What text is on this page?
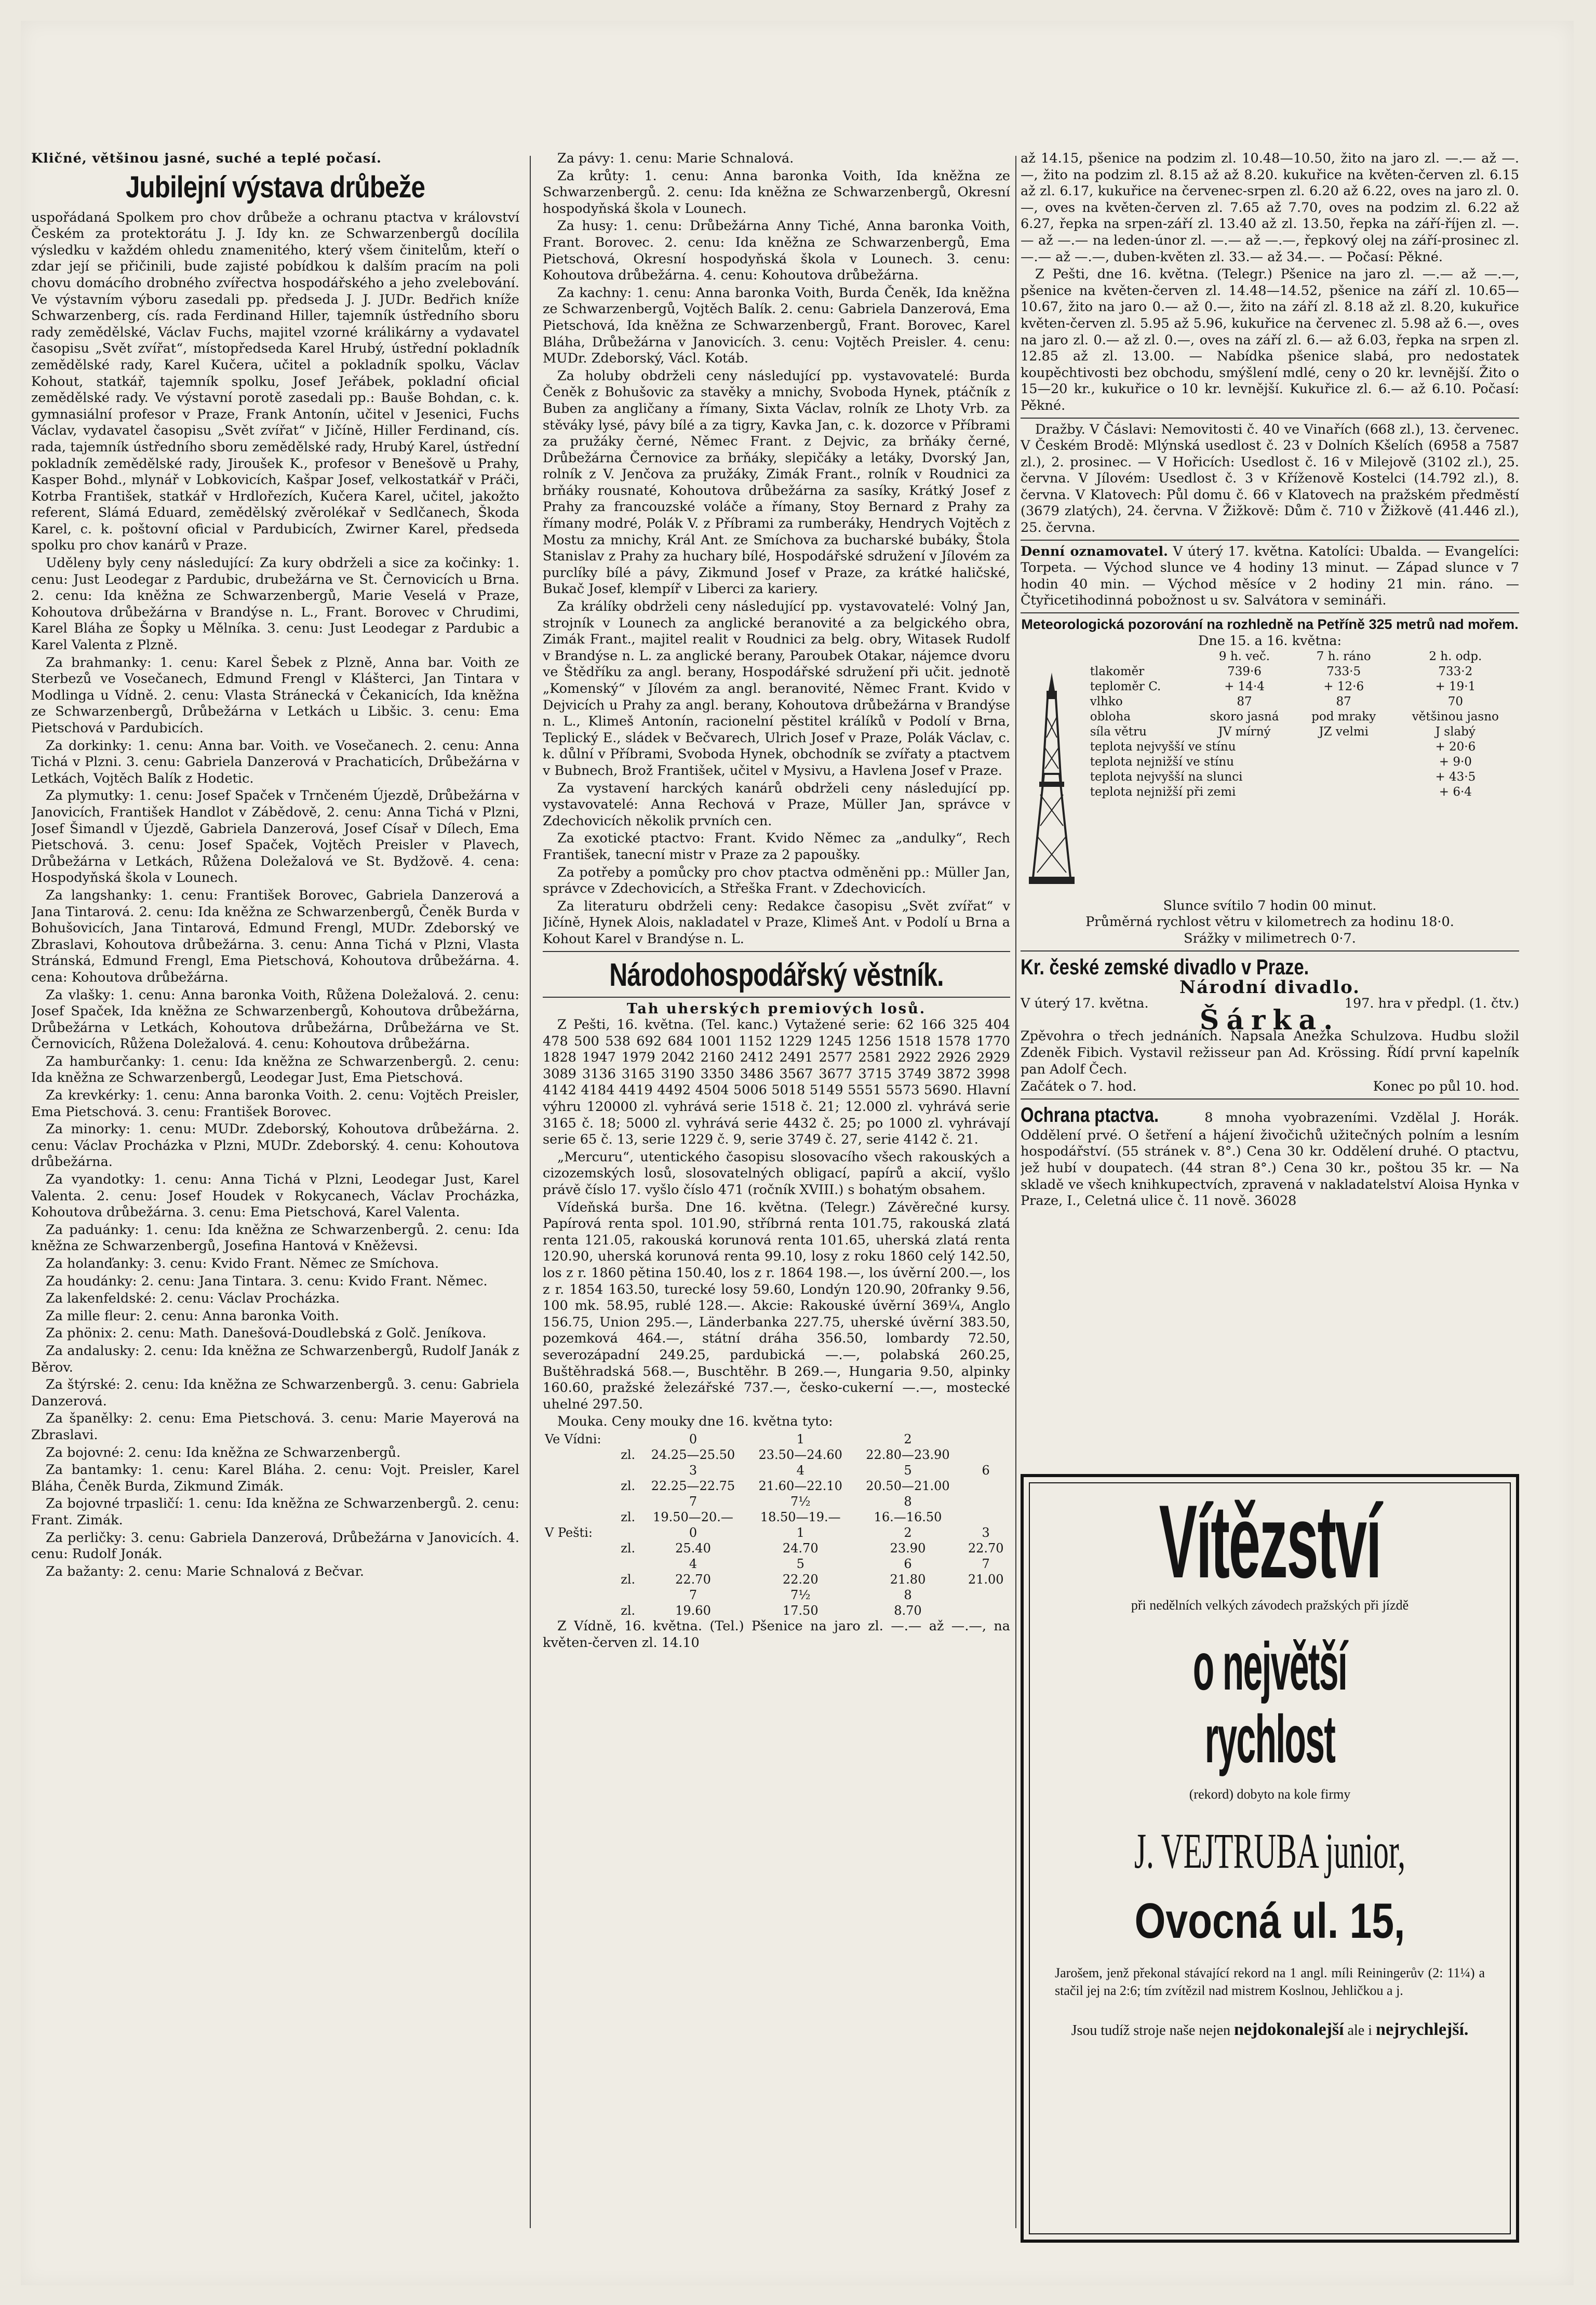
Kličné, většinou jasné, suché a teplé počasí.

Jubilejní výstava drůbeže

uspořádaná Spolkem pro chov drůbeže a ochranu ptactva v království Českém za protektorátu J. J. Idy kn. ze Schwarzenbergů docílila výsledku v každém ohledu znamenitého, který všem činitelům, kteří o zdar její se přičinili, bude zajisté pobídkou k dalším pracím na poli chovu domácího drobného zvířectva hospodářského a jeho zvelebování. Ve výstavním výboru zasedali pp. předseda J. J. JUDr. Bedřich kníže Schwarzenberg, cís. rada Ferdinand Hiller, tajemník ústředního sboru rady zemědělské, Václav Fuchs, majitel vzorné králikárny a vydavatel časopisu „Svět zvířat“, místopředseda Karel Hrubý, ústřední pokladník zemědělské rady, Karel Kučera, učitel a pokladník spolku, Václav Kohout, statkář, tajemník spolku, Josef Jeřábek, pokladní oficial zemědělské rady. Ve výstavní porotě zasedali pp.: Bauše Bohdan, c. k. gymnasiální profesor v Praze, Frank Antonín, učitel v Jesenici, Fuchs Václav, vydavatel časopisu „Svět zvířat“ v Jičíně, Hiller Ferdinand, cís. rada, tajemník ústředního sboru zemědělské rady, Hrubý Karel, ústřední pokladník zemědělské rady, Jiroušek K., profesor v Benešově u Prahy, Kasper Bohd., mlynář v Lobkovicích, Kašpar Josef, velkostatkář v Práči, Kotrba František, statkář v Hrdlořezích, Kučera Karel, učitel, jakožto referent, Slámá Eduard, zemědělský zvěrolékař v Sedlčanech, Škoda Karel, c. k. poštovní oficial v Pardubicích, Zwirner Karel, předseda spolku pro chov kanárů v Praze.

Uděleny byly ceny následující: Za kury obdrželi a sice za kočinky: 1. cenu: Just Leodegar z Pardubic, drubežárna ve St. Černovicích u Brna. 2. cenu: Ida kněžna ze Schwarzenbergů, Marie Veselá v Praze, Kohoutova drůbežárna v Brandýse n. L., Frant. Borovec v Chrudimi, Karel Bláha ze Šopky u Mělníka. 3. cenu: Just Leodegar z Pardubic a Karel Valenta z Plzně.

Za brahmanky: 1. cenu: Karel Šebek z Plzně, Anna bar. Voith ze Sterbezů ve Vosečanech, Edmund Frengl v Klášterci, Jan Tintara v Modlinga u Vídně. 2. cenu: Vlasta Stránecká v Čekanicích, Ida kněžna ze Schwarzenbergů, Drůbežárna v Letkách u Libšic. 3. cenu: Ema Pietschová v Pardubicích.

Za dorkinky: 1. cenu: Anna bar. Voith. ve Vosečanech. 2. cenu: Anna Tichá v Plzni. 3. cenu: Gabriela Danzerová v Prachaticích, Drůbežárna v Letkách, Vojtěch Balík z Hodetic.

Za plymutky: 1. cenu: Josef Spaček v Trnčeném Újezdě, Drůbežárna v Janovicích, František Handlot v Zábědově, 2. cenu: Anna Tichá v Plzni, Josef Šimandl v Újezdě, Gabriela Danzerová, Josef Císař v Dílech, Ema Pietschová. 3. cenu: Josef Spaček, Vojtěch Preisler v Plavech, Drůbežárna v Letkách, Růžena Doležalová ve St. Bydžově. 4. cena: Hospodyňská škola v Lounech.

Za langshanky: 1. cenu: František Borovec, Gabriela Danzerová a Jana Tintarová. 2. cenu: Ida kněžna ze Schwarzenbergů, Čeněk Burda v Bohušovicích, Jana Tintarová, Edmund Frengl, MUDr. Zdeborský ve Zbraslavi, Kohoutova drůbežárna. 3. cenu: Anna Tichá v Plzni, Vlasta Stránská, Edmund Frengl, Ema Pietschová, Kohoutova drůbežárna. 4. cena: Kohoutova drůbežárna.

Za vlašky: 1. cenu: Anna baronka Voith, Růžena Doležalová. 2. cenu: Josef Spaček, Ida kněžna ze Schwarzenbergů, Kohoutova drůbežárna, Drůbežárna v Letkách, Kohoutova drůbežárna, Drůbežárna ve St. Černovicích, Růžena Doležalová. 4. cenu: Kohoutova drůbežárna.

Za hamburčanky: 1. cenu: Ida kněžna ze Schwarzenbergů. 2. cenu: Ida kněžna ze Schwarzenbergů, Leodegar Just, Ema Pietschová.

Za krevkérky: 1. cenu: Anna baronka Voith. 2. cenu: Vojtěch Preisler, Ema Pietschová. 3. cenu: František Borovec.

Za minorky: 1. cenu: MUDr. Zdeborský, Kohoutova drůbežárna. 2. cenu: Václav Procházka v Plzni, MUDr. Zdeborský. 4. cenu: Kohoutova drůbežárna.

Za vyandotky: 1. cenu: Anna Tichá v Plzni, Leodegar Just, Karel Valenta. 2. cenu: Josef Houdek v Rokycanech, Václav Procházka, Kohoutova drůbežárna. 3. cenu: Ema Pietschová, Karel Valenta.

Za paduánky: 1. cenu: Ida kněžna ze Schwarzenbergů. 2. cenu: Ida kněžna ze Schwarzenbergů, Josefina Hantová v Kněževsi.

Za holanďanky: 3. cenu: Kvido Frant. Němec ze Smíchova.

Za houdánky: 2. cenu: Jana Tintara. 3. cenu: Kvido Frant. Němec.

Za lakenfeldské: 2. cenu: Václav Procházka.

Za mille fleur: 2. cenu: Anna baronka Voith.

Za phönix: 2. cenu: Math. Danešová-Doudlebská z Golč. Jeníkova.

Za andalusky: 2. cenu: Ida kněžna ze Schwarzenbergů, Rudolf Janák z Běrov.

Za štýrské: 2. cenu: Ida kněžna ze Schwarzenbergů. 3. cenu: Gabriela Danzerová.

Za španělky: 2. cenu: Ema Pietschová. 3. cenu: Marie Mayerová na Zbraslavi.

Za bojovné: 2. cenu: Ida kněžna ze Schwarzenbergů.

Za bantamky: 1. cenu: Karel Bláha. 2. cenu: Vojt. Preisler, Karel Bláha, Čeněk Burda, Zikmund Zimák.

Za bojovné trpasličí: 1. cenu: Ida kněžna ze Schwarzenbergů. 2. cenu: Frant. Zimák.

Za perličky: 3. cenu: Gabriela Danzerová, Drůbežárna v Janovicích. 4. cenu: Rudolf Jonák.

Za bažanty: 2. cenu: Marie Schnalová z Bečvar.

Za pávy: 1. cenu: Marie Schnalová.

Za krůty: 1. cenu: Anna baronka Voith, Ida kněžna ze Schwarzenbergů. 2. cenu: Ida kněžna ze Schwarzenbergů, Okresní hospodyňská škola v Lounech.

Za husy: 1. cenu: Drůbežárna Anny Tiché, Anna baronka Voith, Frant. Borovec. 2. cenu: Ida kněžna ze Schwarzenbergů, Ema Pietschová, Okresní hospodyňská škola v Lounech. 3. cenu: Kohoutova drůbežárna. 4. cenu: Kohoutova drůbežárna.

Za kachny: 1. cenu: Anna baronka Voith, Burda Čeněk, Ida kněžna ze Schwarzenbergů, Vojtěch Balík. 2. cenu: Gabriela Danzerová, Ema Pietschová, Ida kněžna ze Schwarzenbergů, Frant. Borovec, Karel Bláha, Drůbežárna v Janovicích. 3. cenu: Vojtěch Preisler. 4. cenu: MUDr. Zdeborský, Václ. Kotáb.

Za holuby obdrželi ceny následující pp. vystavovatelé: Burda Čeněk z Bohušovic za stavěky a mnichy, Svoboda Hynek, ptáčník z Buben za angličany a římany, Sixta Václav, rolník ze Lhoty Vrb. za stěváky lysé, pávy bílé a za tigry, Kavka Jan, c. k. dozorce v Příbrami za pružáky černé, Němec Frant. z Dejvic, za brňáky černé, Drůbežárna Černovice za brňáky, slepičáky a letáky, Dvorský Jan, rolník z V. Jenčova za pružáky, Zimák Frant., rolník v Roudnici za brňáky rousnaté, Kohoutova drůbežárna za sasíky, Krátký Josef z Prahy za francouzské voláče a římany, Stoy Bernard z Prahy za římany modré, Polák V. z Příbrami za rumberáky, Hendrych Vojtěch z Mostu za mnichy, Král Ant. ze Smíchova za bucharské bubáky, Štola Stanislav z Prahy za huchary bílé, Hospodářské sdružení v Jílovém za purclíky bílé a pávy, Zikmund Josef v Praze, za krátké haličské, Bukač Josef, klempíř v Liberci za kariery.

Za králíky obdrželi ceny následující pp. vystavovatelé: Volný Jan, strojník v Lounech za anglické beranovité a za belgického obra, Zimák Frant., majitel realit v Roudnici za belg. obry, Witasek Rudolf v Brandýse n. L. za anglické berany, Paroubek Otakar, nájemce dvoru ve Štědříku za angl. berany, Hospodářské sdružení při učit. jednotě „Komenský“ v Jílovém za angl. beranovité, Němec Frant. Kvido v Dejvicích u Prahy za angl. berany, Kohoutova drůbežárna v Brandýse n. L., Klimeš Antonín, racionelní pěstitel králíků v Podolí v Brna, Teplický E., sládek v Bečvarech, Ulrich Josef v Praze, Polák Václav, c. k. důlní v Příbrami, Svoboda Hynek, obchodník se zvířaty a ptactvem v Bubnech, Brož František, učitel v Mysivu, a Havlena Josef v Praze.

Za vystavení harckých kanárů obdrželi ceny následující pp. vystavovatelé: Anna Rechová v Praze, Müller Jan, správce v Zdechovicích několik prvních cen.

Za exotické ptactvo: Frant. Kvido Němec za „andulky“, Rech František, tanecní mistr v Praze za 2 papoušky.

Za potřeby a pomůcky pro chov ptactva odměněni pp.: Müller Jan, správce v Zdechovicích, a Střeška Frant. v Zdechovicích.

Za literaturu obdrželi ceny: Redakce časopisu „Svět zvířat“ v Jičíně, Hynek Alois, nakladatel v Praze, Klimeš Ant. v Podolí u Brna a Kohout Karel v Brandýse n. L.

Národohospodářský věstník.
Tah uherských premiových losů.

Z Pešti, 16. května. (Tel. kanc.) Vytažené serie: 62 166 325 404 478 500 538 692 684 1001 1152 1229 1245 1256 1518 1578 1770 1828 1947 1979 2042 2160 2412 2491 2577 2581 2922 2926 2929 3089 3136 3165 3190 3350 3486 3567 3677 3715 3749 3872 3998 4142 4184 4419 4492 4504 5006 5018 5149 5551 5573 5690. Hlavní výhru 120000 zl. vyhrává serie 1518 č. 21; 12.000 zl. vyhrává serie 3165 č. 18; 5000 zl. vyhrává serie 4432 č. 25; po 1000 zl. vyhrávají serie 65 č. 13, serie 1229 č. 9, serie 3749 č. 27, serie 4142 č. 21.

„Mercuru“, utentického časopisu slosovacího všech rakouských a cizozemských losů, slosovatelných obligací, papírů a akcií, vyšlo právě číslo 17. vyšlo číslo 471 (ročník XVIII.) s bohatým obsahem.

Vídeňská burša. Dne 16. května. (Telegr.) Závěrečné kursy. Papírová renta spol. 101.90, stříbrná renta 101.75, rakouská zlatá renta 121.05, rakouská korunová renta 101.65, uherská zlatá renta 120.90, uherská korunová renta 99.10, losy z roku 1860 celý 142.50, los z r. 1860 pětina 150.40, los z r. 1864 198.—, los úvěrní 200.—, los z r. 1854 163.50, turecké losy 59.60, Londýn 120.90, 20franky 9.56, 100 mk. 58.95, rublé 128.—. Akcie: Rakouské úvěrní 369¼, Anglo 156.75, Union 295.—, Länderbanka 227.75, uherské úvěrní 383.50, pozemková 464.—, státní dráha 356.50, lombardy 72.50, severozápadní 249.25, pardubická —.—, polabská 260.25, Buštěhradská 568.—, Buschtěhr. B 269.—, Hungaria 9.50, alpinky 160.60, pražské železářské 737.—, česko-cukerní —.—, mostecké uhelné 297.50.

Mouka. Ceny mouky dne 16. května tyto:

Ve Vídni:		0	1	2	
	zl.	24.25—25.50	23.50—24.60	22.80—23.90	
		3	4	5	6
	zl.	22.25—22.75	21.60—22.10	20.50—21.00	
		7	7½	8	
	zl.	19.50—20.—	18.50—19.—	16.—16.50	
V Pešti:		0	1	2	3
	zl.	25.40	24.70	23.90	22.70
		4	5	6	7
	zl.	22.70	22.20	21.80	21.00
		7	7½	8	
	zl.	19.60	17.50	8.70	

Z Vídně, 16. května. (Tel.) Pšenice na jaro zl. —.— až —.—, na květen-červen zl. 14.10

až 14.15, pšenice na podzim zl. 10.48—10.50, žito na jaro zl. —.— až —.—, žito na podzim zl. 8.15 až až 8.20. kukuřice na květen-červen zl. 6.15 až zl. 6.17, kukuřice na červenec-srpen zl. 6.20 až 6.22, oves na jaro zl. 0.—, oves na květen-červen zl. 7.65 až 7.70, oves na podzim zl. 6.22 až 6.27, řepka na srpen-září zl. 13.40 až zl. 13.50, řepka na září-říjen zl. —.— až —.— na leden-únor zl. —.— až —.—, řepkový olej na září-prosinec zl. —.— až —.—, duben-květen zl. 33.— až 34.—. — Počasí: Pěkné.

Z Pešti, dne 16. května. (Telegr.) Pšenice na jaro zl. —.— až —.—, pšenice na květen-červen zl. 14.48—14.52, pšenice na září zl. 10.65—10.67, žito na jaro 0.— až 0.—, žito na září zl. 8.18 až zl. 8.20, kukuřice květen-červen zl. 5.95 až 5.96, kukuřice na červenec zl. 5.98 až 6.—, oves na jaro zl. 0.— až zl. 0.—, oves na září zl. 6.— až 6.03, řepka na srpen zl. 12.85 až zl. 13.00. — Nabídka pšenice slabá, pro nedostatek koupěchtivosti bez obchodu, smýšlení mdlé, ceny o 20 kr. levnější. Žito o 15—20 kr., kukuřice o 10 kr. levnější. Kukuřice zl. 6.— až 6.10. Počasí: Pěkné.

Dražby. V Čáslavi: Nemovitosti č. 40 ve Vinařích (668 zl.), 13. červenec. V Českém Brodě: Mlýnská usedlost č. 23 v Dolních Kšelích (6958 a 7587 zl.), 2. prosinec. — V Hořicích: Usedlost č. 16 v Milejově (3102 zl.), 25. června. V Jílovém: Usedlost č. 3 v Kříženově Kostelci (14.792 zl.), 8. června. V Klatovech: Půl domu č. 66 v Klatovech na pražském předměstí (3679 zlatých), 24. června. V Žižkově: Dům č. 710 v Žižkově (41.446 zl.), 25. června.

Denní oznamovatel. V úterý 17. května. Katolíci: Ubalda. — Evangelíci: Torpeta. — Východ slunce ve 4 hodiny 13 minut. — Západ slunce v 7 hodin 40 min. — Východ měsíce v 2 hodiny 21 min. ráno. — Čtyřicetihodinná pobožnost u sv. Salvátora v semináři.

Meteorologická pozorování na rozhledně na Petříně 325 metrů nad mořem.
Dne 15. a 16. května:
	9 h. več.	7 h. ráno	2 h. odp.
tlakoměr	739·6	733·5	733·2
teploměr C.	+ 14·4	+ 12·6	+ 19·1
vlhko	87	87	70
obloha	skoro jasná	pod mraky	většinou jasno
síla větru	JV mírný	JZ velmi	J slabý
teplota nejvyšší ve stínu			+ 20·6
teplota nejnižší ve stínu			+ 9·0
teplota nejvyšší na slunci			+ 43·5
teplota nejnižší při zemi			+ 6·4
Slunce svítilo 7 hodin 00 minut.
Průměrná rychlost větru v kilometrech za hodinu 18·0.
Srážky v milimetrech 0·7.
Kr. české zemské divadlo v Praze.
Národní divadlo.
V úterý 17. května.	197. hra v předpl. (1. čtv.)
Šárka.

Zpěvohra o třech jednáních. Napsala Anežka Schulzova. Hudbu složil Zdeněk Fibich. Vystavil režisseur pan Ad. Krössing. Řídí první kapelník pan Adolf Čech.

Začátek o 7. hod.	Konec po půl 10. hod.

Ochrana ptactva.	8 mnoha vyobrazeními. Vzdělal J. Horák. Oddělení prvé. O šetření a hájení živočichů užitečných polním a lesním hospodářství. (55 stránek v. 8°.) Cena 30 kr. Oddělení druhé. O ptactvu, jež hubí v doupatech. (44 stran 8°.) Cena 30 kr., poštou 35 kr. — Na skladě ve všech knihkupectvích, zpravená v nakladatelství Aloisa Hynka v Praze, I., Celetná ulice č. 11 nově. 36028

Vítězství
při nedělních velkých závodech pražských při jízdě
o největší rychlost
(rekord) dobyto na kole firmy
J. VEJTRUBA junior,
Ovocná ul. 15,
Jarošem, jenž překonal stávající rekord na 1 angl. míli Reiningerův (2: 11¼) a stačil jej na 2:6; tím zvítězil nad mistrem Koslnou, Jehličkou a j.
Jsou tudíž stroje naše nejen nejdokonalejší ale i nejrychlejší.
